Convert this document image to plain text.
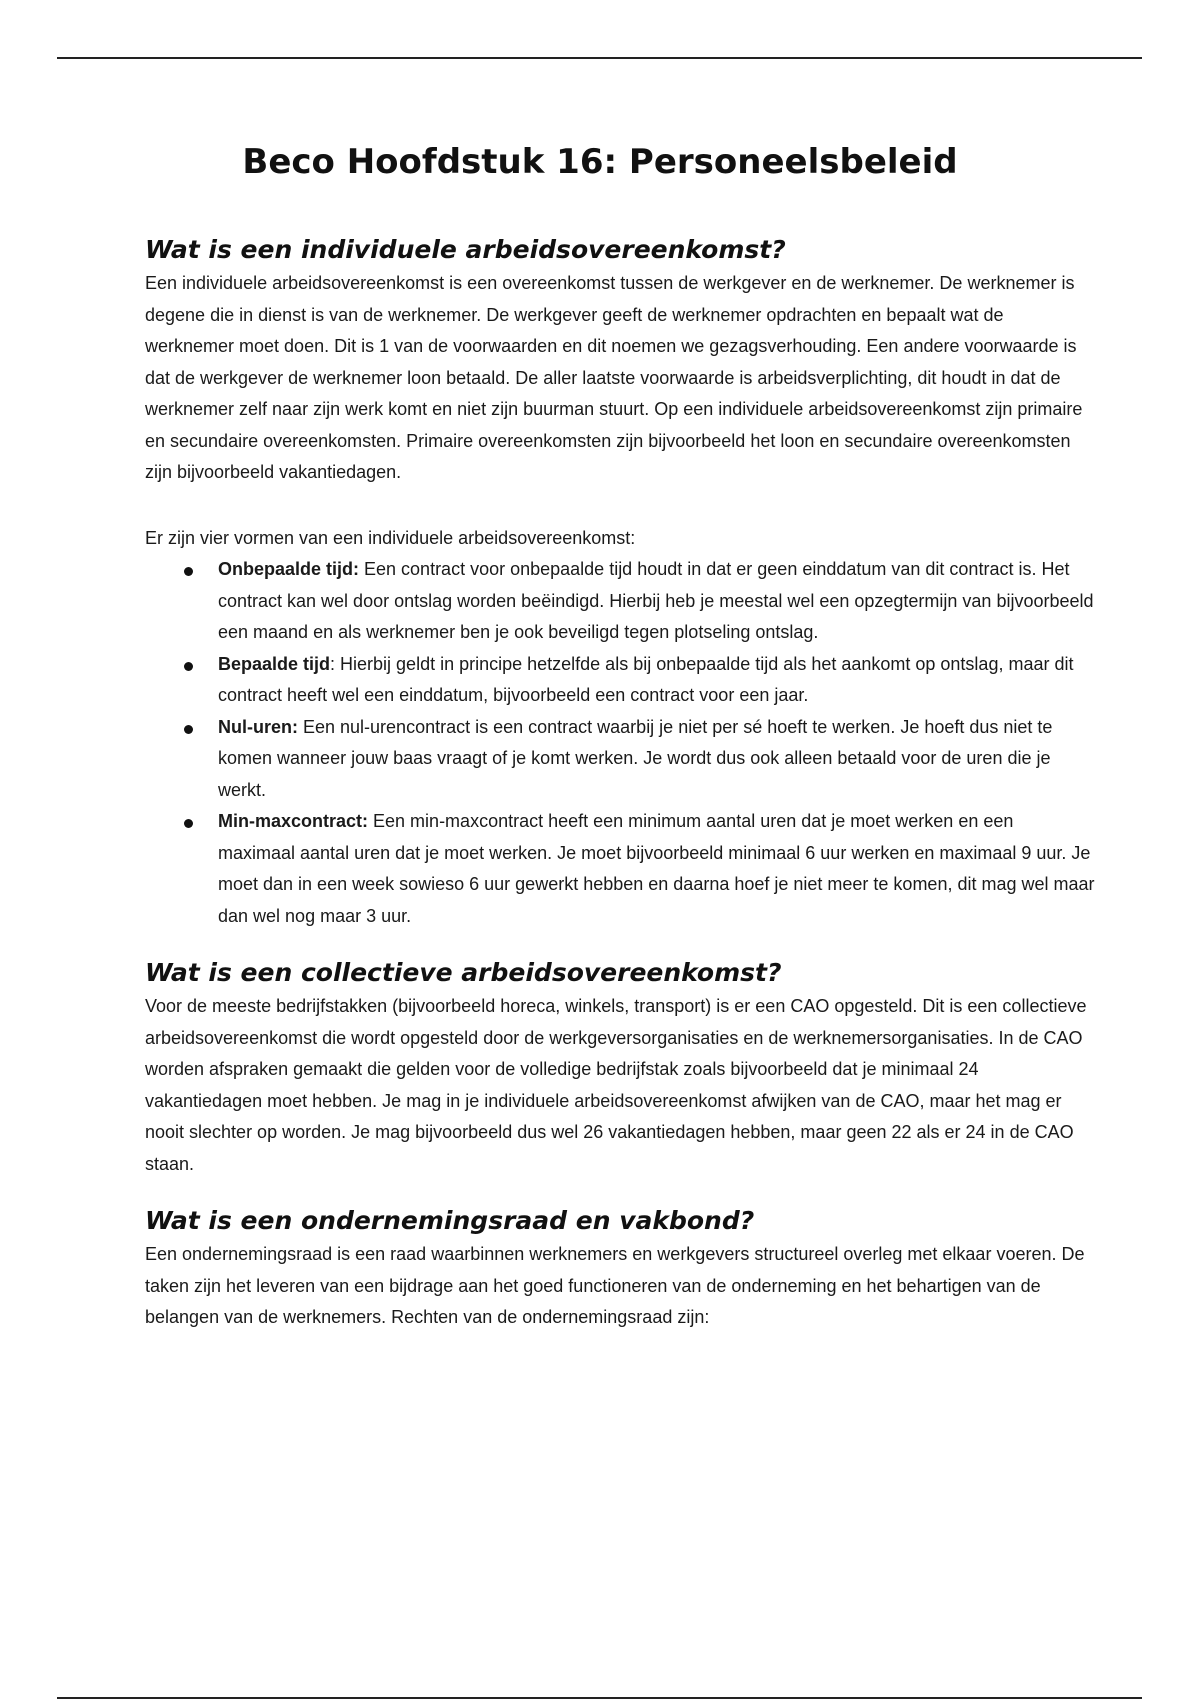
Beco Hoofdstuk 16: Personeelsbeleid
Wat is een individuele arbeidsovereenkomst?

Een individuele arbeidsovereenkomst is een overeenkomst tussen de werkgever en de werknemer. De werknemer is degene die in dienst is van de werknemer. De werkgever geeft de werknemer opdrachten en bepaalt wat de werknemer moet doen. Dit is 1 van de voorwaarden en dit noemen we gezagsverhouding. Een andere voorwaarde is dat de werkgever de werknemer loon betaald. De aller laatste voorwaarde is arbeidsverplichting, dit houdt in dat de werknemer zelf naar zijn werk komt en niet zijn buurman stuurt. Op een individuele arbeidsovereenkomst zijn primaire en secundaire overeenkomsten. Primaire overeenkomsten zijn bijvoorbeeld het loon en secundaire overeenkomsten zijn bijvoorbeeld vakantiedagen.

Er zijn vier vormen van een individuele arbeidsovereenkomst:

Onbepaalde tijd: Een contract voor onbepaalde tijd houdt in dat er geen einddatum van dit contract is. Het contract kan wel door ontslag worden beëindigd. Hierbij heb je meestal wel een opzegtermijn van bijvoorbeeld een maand en als werknemer ben je ook beveiligd tegen plotseling ontslag.
Bepaalde tijd: Hierbij geldt in principe hetzelfde als bij onbepaalde tijd als het aankomt op ontslag, maar dit contract heeft wel een einddatum, bijvoorbeeld een contract voor een jaar.
Nul-uren: Een nul-urencontract is een contract waarbij je niet per sé hoeft te werken. Je hoeft dus niet te komen wanneer jouw baas vraagt of je komt werken. Je wordt dus ook alleen betaald voor de uren die je werkt.
Min-maxcontract: Een min-maxcontract heeft een minimum aantal uren dat je moet werken en een maximaal aantal uren dat je moet werken. Je moet bijvoorbeeld minimaal 6 uur werken en maximaal 9 uur. Je moet dan in een week sowieso 6 uur gewerkt hebben en daarna hoef je niet meer te komen, dit mag wel maar dan wel nog maar 3 uur.
Wat is een collectieve arbeidsovereenkomst?

Voor de meeste bedrijfstakken (bijvoorbeeld horeca, winkels, transport) is er een CAO opgesteld. Dit is een collectieve arbeidsovereenkomst die wordt opgesteld door de werkgeversorganisaties en de werknemersorganisaties. In de CAO worden afspraken gemaakt die gelden voor de volledige bedrijfstak zoals bijvoorbeeld dat je minimaal 24 vakantiedagen moet hebben. Je mag in je individuele arbeidsovereenkomst afwijken van de CAO, maar het mag er nooit slechter op worden. Je mag bijvoorbeeld dus wel 26 vakantiedagen hebben, maar geen 22 als er 24 in de CAO staan.

Wat is een ondernemingsraad en vakbond?

Een ondernemingsraad is een raad waarbinnen werknemers en werkgevers structureel overleg met elkaar voeren. De taken zijn het leveren van een bijdrage aan het goed functioneren van de onderneming en het behartigen van de belangen van de werknemers. Rechten van de ondernemingsraad zijn:
